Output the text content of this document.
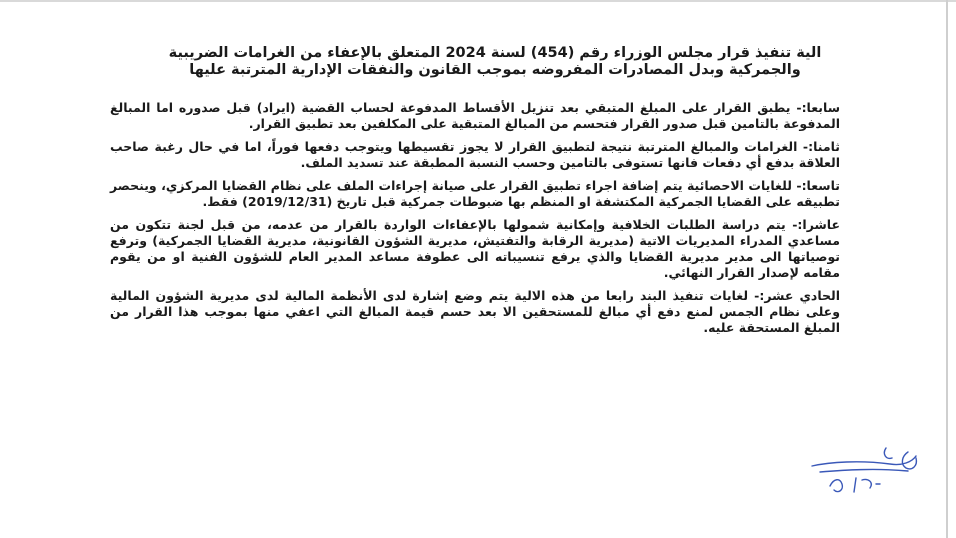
الية تنفيذ قرار مجلس الوزراء رقم (454) لسنة 2024 المتعلق بالإعفاء من الغرامات الضريبية والجمركية وبدل المصادرات المفروضه بموجب القانون والنفقات الإدارية المترتبة عليها

سابعا:- يطبق القرار على المبلغ المتبقي بعد تنزيل الأقساط المدفوعة لحساب القضية (ايراد) قبل صدوره اما المبالغ المدفوعة بالتامين قبل صدور القرار فتحسم من المبالغ المتبقية على المكلفين بعد تطبيق القرار.

ثامنا:- الغرامات والمبالغ المترتبة نتيجة لتطبيق القرار لا يجوز تقسيطها ويتوجب دفعها فوراً، اما في حال رغبة صاحب العلاقة بدفع أي دفعات فانها تستوفى بالتامين وحسب النسبة المطبقة عند تسديد الملف.

تاسعا:- للغايات الاحصائية يتم إضافة اجراء تطبيق القرار على صيانة إجراءات الملف على نظام القضايا المركزي، وينحصر تطبيقه على القضايا الجمركية المكتشفة او المنظم بها ضبوطات جمركية قبل تاريخ (2019/12/31) فقط.

عاشرا:- يتم دراسة الطلبات الخلافية وإمكانية شمولها بالإعفاءات الواردة بالقرار من عدمه، من قبل لجنة تتكون من مساعدي المدراء المديريات الاتية (مديرية الرقابة والتفتيش، مديرية الشؤون القانونية، مديرية القضايا الجمركية) وترفع توصياتها الى مدير مديرية القضايا والذي يرفع تنسيباته الى عطوفة مساعد المدير العام للشؤون الفنية او من يقوم مقامه لإصدار القرار النهائي.

الحادي عشر:- لغايات تنفيذ البند رابعا من هذه الالية يتم وضع إشارة لدى الأنظمة المالية لدى مديرية الشؤون المالية وعلى نظام الجمس لمنع دفع أي مبالغ للمستحقين الا بعد حسم قيمة المبالغ التي اعفي منها بموجب هذا القرار من المبلغ المستحقة عليه.
